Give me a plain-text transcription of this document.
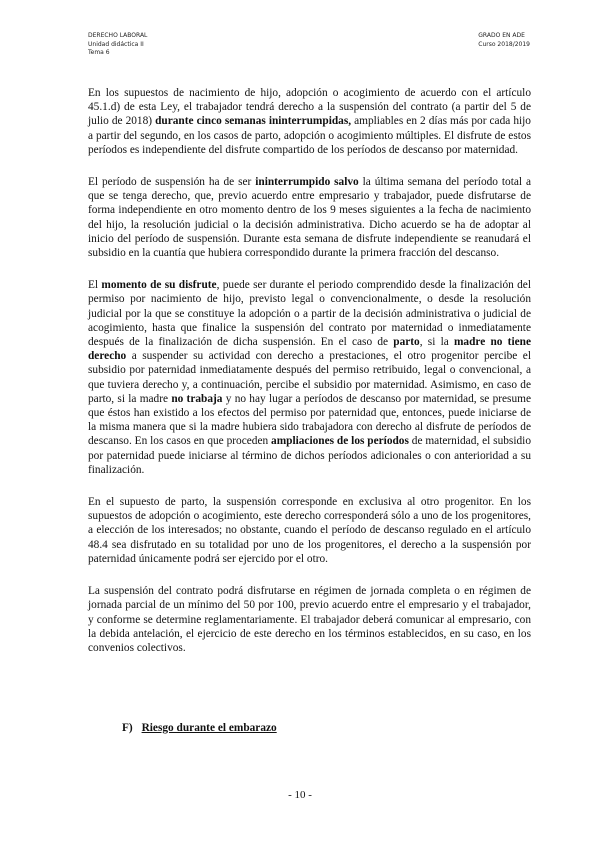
DERECHO LABORAL
Unidad didáctica II
Tema 6
GRADO EN ADE
Curso 2018/2019

En los supuestos de nacimiento de hijo, adopción o acogimiento de acuerdo con el artículo 45.1.d) de esta Ley, el trabajador tendrá derecho a la suspensión del contrato (a partir del 5 de julio de 2018) durante cinco semanas ininterrumpidas, ampliables en 2 días más por cada hijo a partir del segundo, en los casos de parto, adopción o acogimiento múltiples. El disfrute de estos períodos es independiente del disfrute compartido de los períodos de descanso por maternidad.

El período de suspensión ha de ser ininterrumpido salvo la última semana del período total a que se tenga derecho, que, previo acuerdo entre empresario y trabajador, puede disfrutarse de forma independiente en otro momento dentro de los 9 meses siguientes a la fecha de nacimiento del hijo, la resolución judicial o la decisión administrativa. Dicho acuerdo se ha de adoptar al inicio del período de suspensión. Durante esta semana de disfrute independiente se reanudará el subsidio en la cuantía que hubiera correspondido durante la primera fracción del descanso.

El momento de su disfrute, puede ser durante el periodo comprendido desde la finalización del permiso por nacimiento de hijo, previsto legal o convencionalmente, o desde la resolución judicial por la que se constituye la adopción o a partir de la decisión administrativa o judicial de acogimiento, hasta que finalice la suspensión del contrato por maternidad o inmediatamente después de la finalización de dicha suspensión. En el caso de parto, si la madre no tiene derecho a suspender su actividad con derecho a prestaciones, el otro progenitor percibe el subsidio por paternidad inmediatamente después del permiso retribuido, legal o convencional, a que tuviera derecho y, a continuación, percibe el subsidio por maternidad. Asimismo, en caso de parto, si la madre no trabaja y no hay lugar a períodos de descanso por maternidad, se presume que éstos han existido a los efectos del permiso por paternidad que, entonces, puede iniciarse de la misma manera que si la madre hubiera sido trabajadora con derecho al disfrute de períodos de descanso. En los casos en que proceden ampliaciones de los períodos de maternidad, el subsidio por paternidad puede iniciarse al término de dichos períodos adicionales o con anterioridad a su finalización.

En el supuesto de parto, la suspensión corresponde en exclusiva al otro progenitor. En los supuestos de adopción o acogimiento, este derecho corresponderá sólo a uno de los progenitores, a elección de los interesados; no obstante, cuando el período de descanso regulado en el artículo 48.4 sea disfrutado en su totalidad por uno de los progenitores, el derecho a la suspensión por paternidad únicamente podrá ser ejercido por el otro.

La suspensión del contrato podrá disfrutarse en régimen de jornada completa o en régimen de jornada parcial de un mínimo del 50 por 100, previo acuerdo entre el empresario y el trabajador, y conforme se determine reglamentariamente. El trabajador deberá comunicar al empresario, con la debida antelación, el ejercicio de este derecho en los términos establecidos, en su caso, en los convenios colectivos.

F) Riesgo durante el embarazo
- 10 -
